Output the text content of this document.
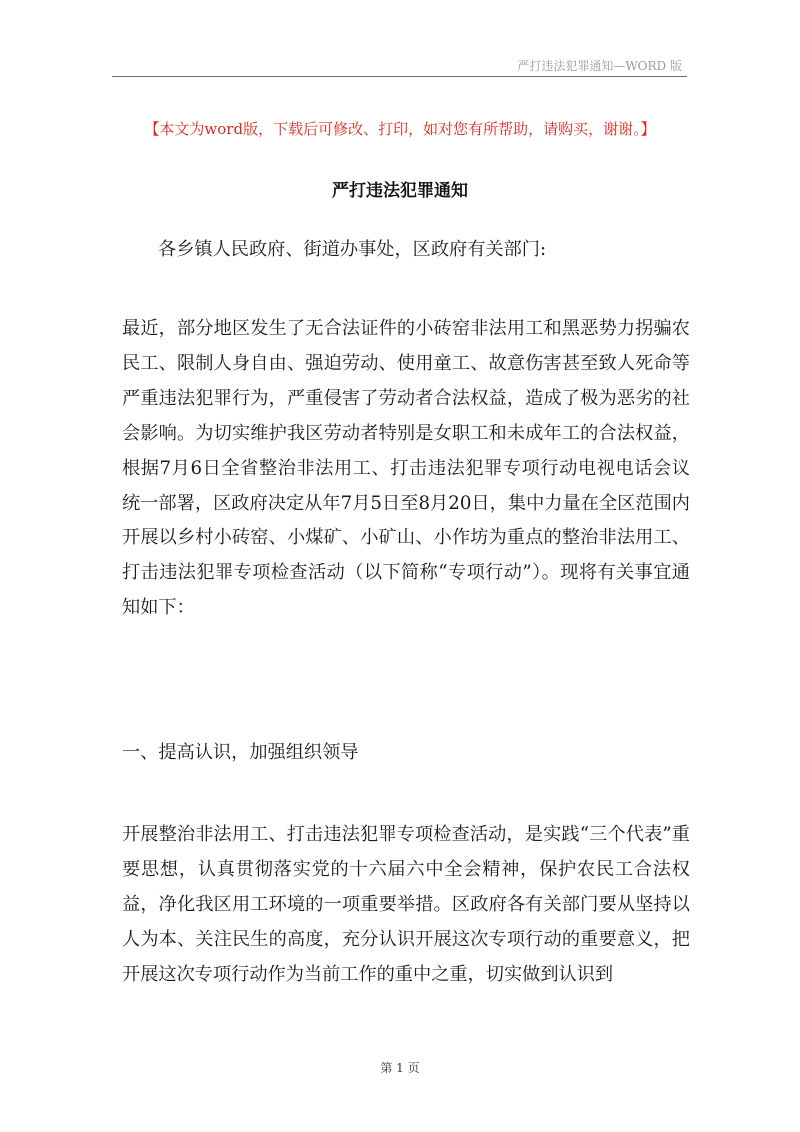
严打违法犯罪通知—WORD 版
【本文为word版，下载后可修改、打印，如对您有所帮助，请购买，谢谢。】
严打违法犯罪通知
各乡镇人民政府、街道办事处，区政府有关部门:
最近，部分地区发生了无合法证件的小砖窑非法用工和黑恶势力拐骗农民工、限制人身自由、强迫劳动、使用童工、故意伤害甚至致人死命等严重违法犯罪行为，严重侵害了劳动者合法权益，造成了极为恶劣的社会影响。为切实维护我区劳动者特别是女职工和未成年工的合法权益，根据7月6日全省整治非法用工、打击违法犯罪专项行动电视电话会议统一部署，区政府决定从年7月5日至8月20日，集中力量在全区范围内开展以乡村小砖窑、小煤矿、小矿山、小作坊为重点的整治非法用工、打击违法犯罪专项检查活动（以下简称“专项行动”）。现将有关事宜通知如下：
一、提高认识，加强组织领导
开展整治非法用工、打击违法犯罪专项检查活动，是实践“三个代表”重要思想，认真贯彻落实党的十六届六中全会精神，保护农民工合法权益，净化我区用工环境的一项重要举措。区政府各有关部门要从坚持以人为本、关注民生的高度，充分认识开展这次专项行动的重要意义，把开展这次专项行动作为当前工作的重中之重，切实做到认识到
第 1 页
